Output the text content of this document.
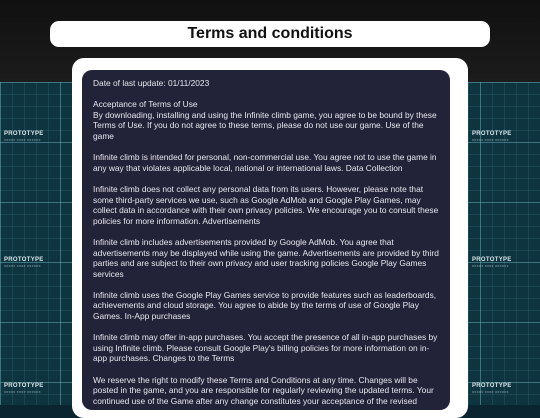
PROTOTYPE
XXXXX XXXX XXXXXX
PROTOTYPE
XXXXX XXXX XXXXXX
PROTOTYPE
XXXXX XXXX XXXXXX
PROTOTYPE
XXXXX XXXX XXXXXX
PROTOTYPE
XXXXX XXXX XXXXXX
PROTOTYPE
XXXXX XXXX XXXXXX
Terms and conditions

Date of last update: 01/11/2023

Acceptance of Terms of Use
By downloading, installing and using the Infinite climb game, you agree to be bound by these Terms of Use. If you do not agree to these terms, please do not use our game. Use of the game

Infinite climb is intended for personal, non-commercial use. You agree not to use the game in any way that violates applicable local, national or international laws. Data Collection

Infinite climb does not collect any personal data from its users. However, please note that some third-party services we use, such as Google AdMob and Google Play Games, may collect data in accordance with their own privacy policies. We encourage you to consult these policies for more information. Advertisements

Infinite climb includes advertisements provided by Google AdMob. You agree that advertisements may be displayed while using the game. Advertisements are provided by third parties and are subject to their own privacy and user tracking policies Google Play Games services

Infinite climb uses the Google Play Games service to provide features such as leaderboards, achievements and cloud storage. You agree to abide by the terms of use of Google Play Games. In-App purchases

Infinite climb may offer in-app purchases. You accept the presence of all in-app purchases by using Infinite climb. Please consult Google Play's billing policies for more information on in-app purchases. Changes to the Terms

We reserve the right to modify these Terms and Conditions at any time. Changes will be posted in the game, and you are responsible for regularly reviewing the updated terms. Your continued use of the Game after any change constitutes your acceptance of the revised
